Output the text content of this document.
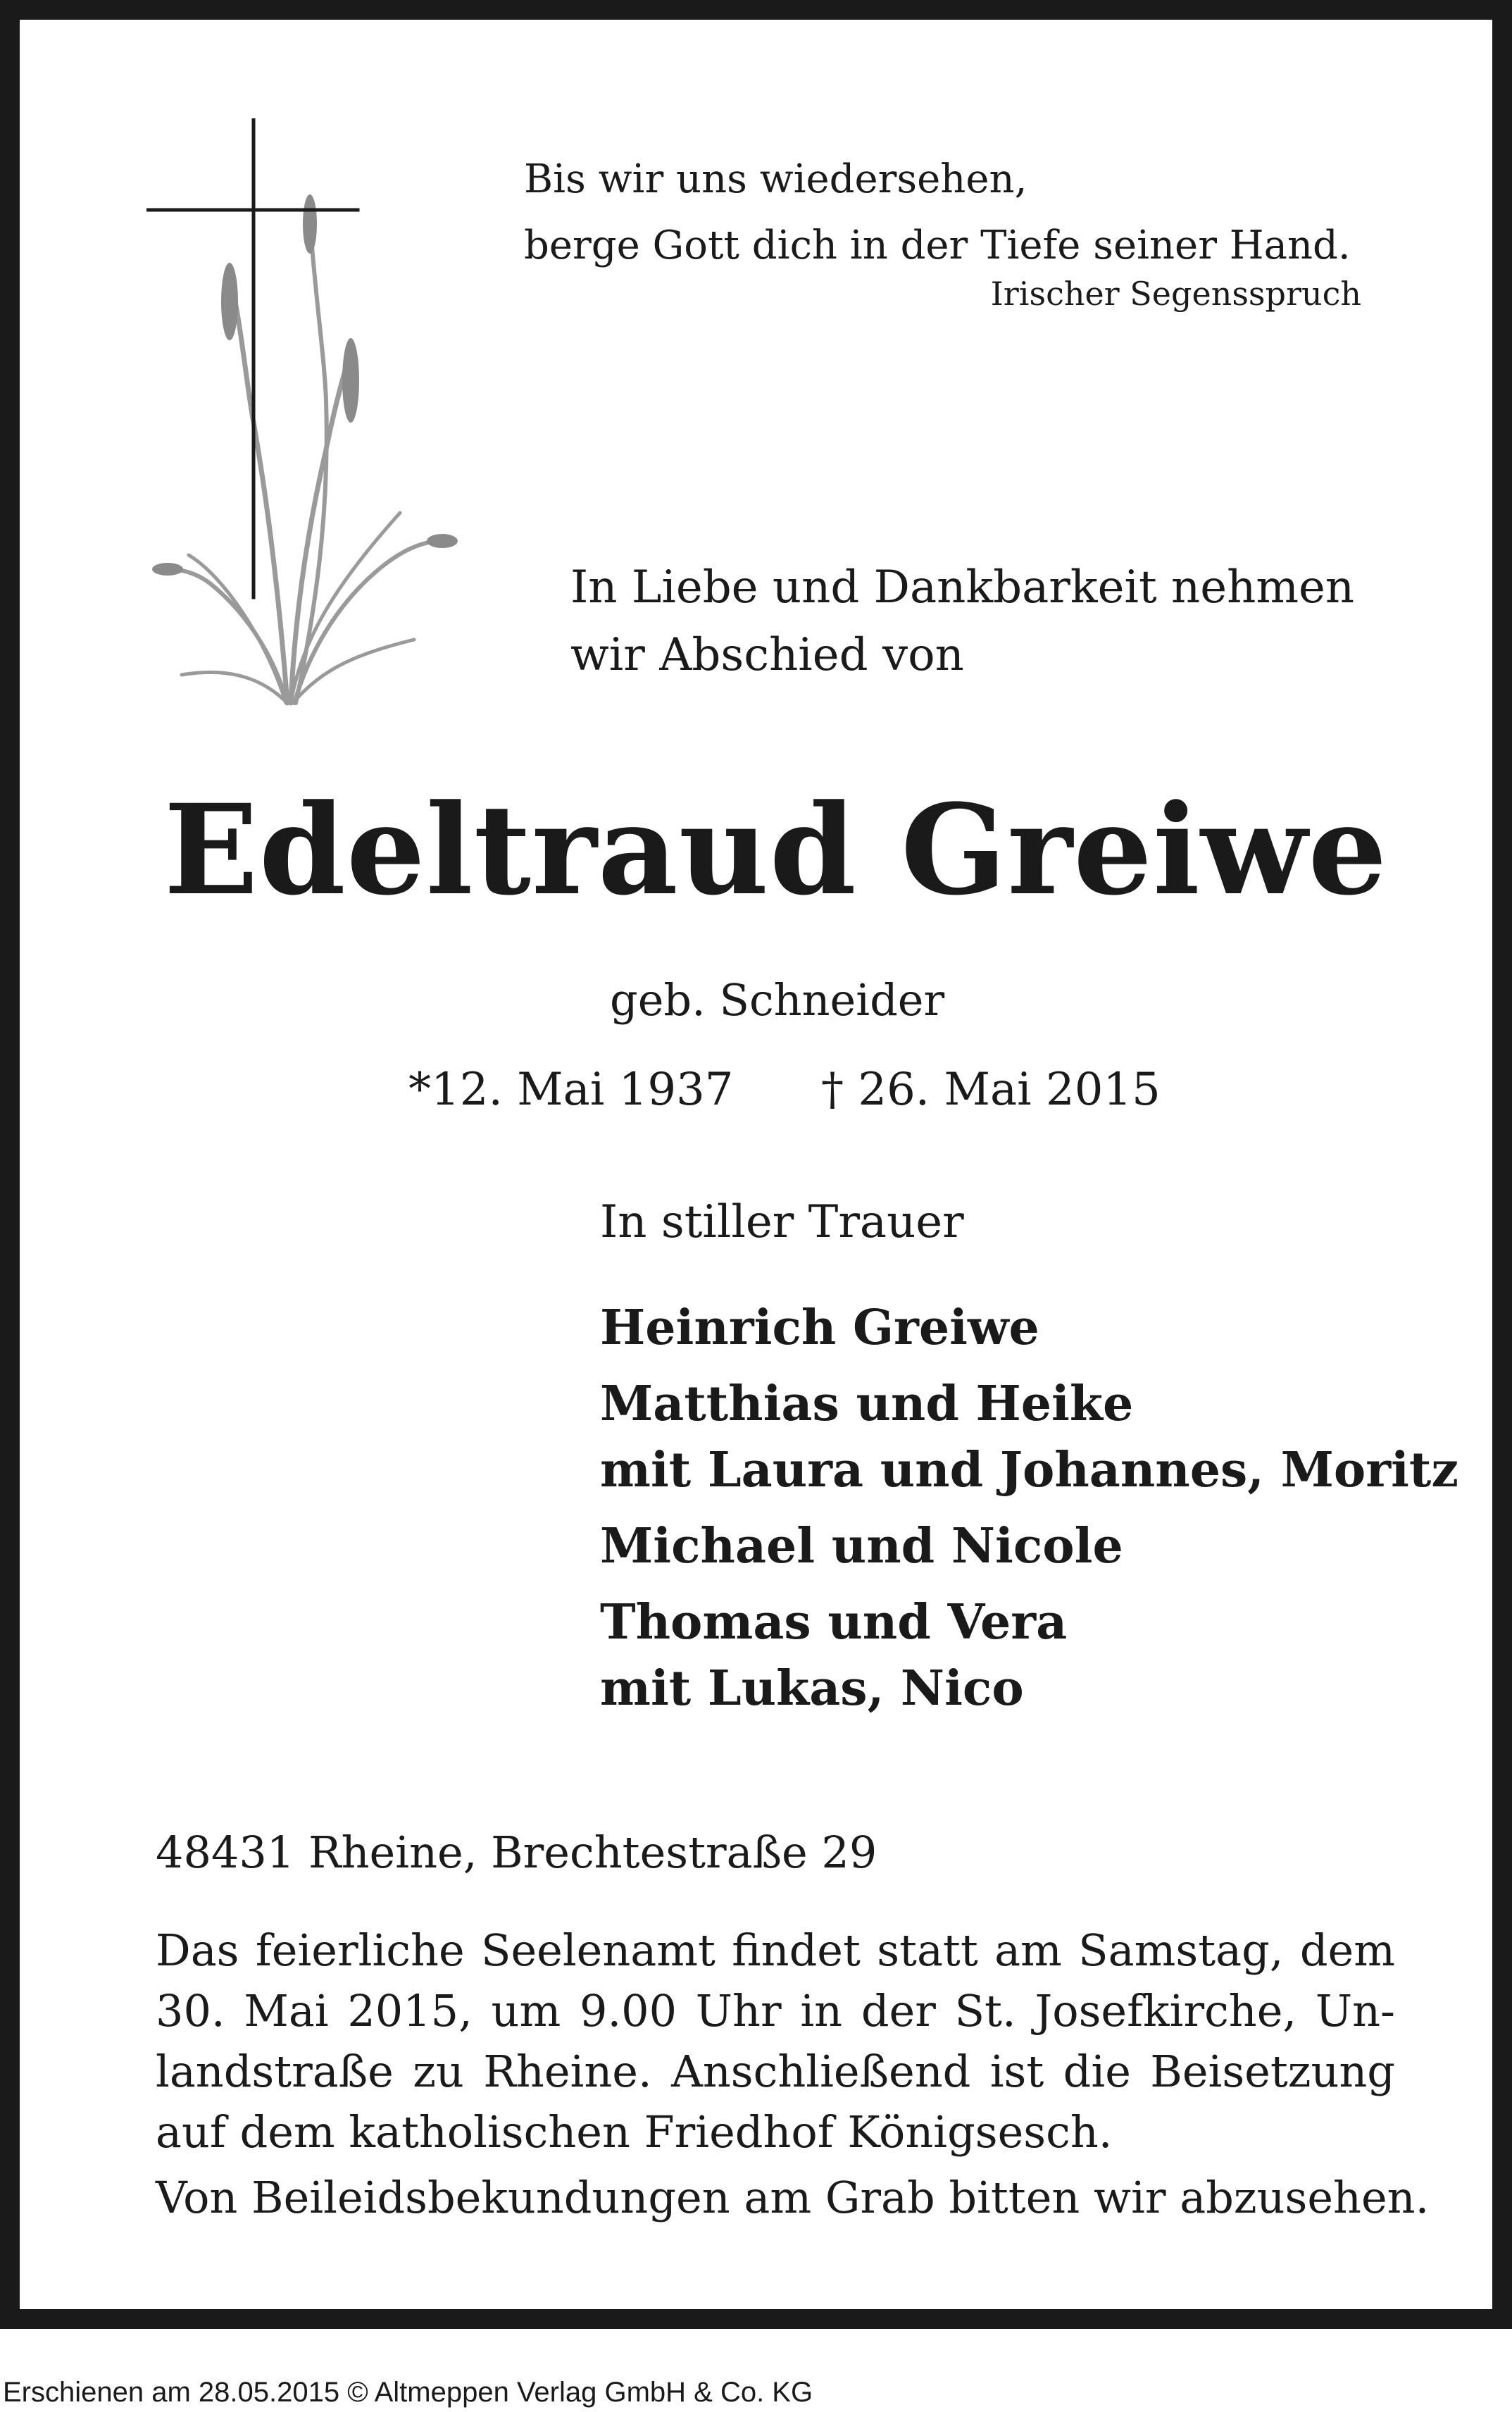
Bis wir uns wiedersehen,
berge Gott dich in der Tiefe seiner Hand.

Irischer Segensspruch

In Liebe und Dankbarkeit nehmen
wir Abschied von

Edeltraud Greiwe

geb. Schneider

*12. Mai 1937 † 26. Mai 2015

In stiller Trauer

Heinrich Greiwe
Matthias und Heike
mit Laura und Johannes, Moritz
Michael und Nicole
Thomas und Vera
mit Lukas, Nico

48431 Rheine, Brechtestraße 29

Das feierliche Seelenamt findet statt am Samstag, dem
30. Mai 2015, um 9.00 Uhr in der St. Josefkirche, Un-
landstraße zu Rheine. Anschließend ist die Beisetzung
auf dem katholischen Friedhof Königsesch.

Von Beileidsbekundungen am Grab bitten wir abzusehen.

Erschienen am 28.05.2015 © Altmeppen Verlag GmbH & Co. KG
